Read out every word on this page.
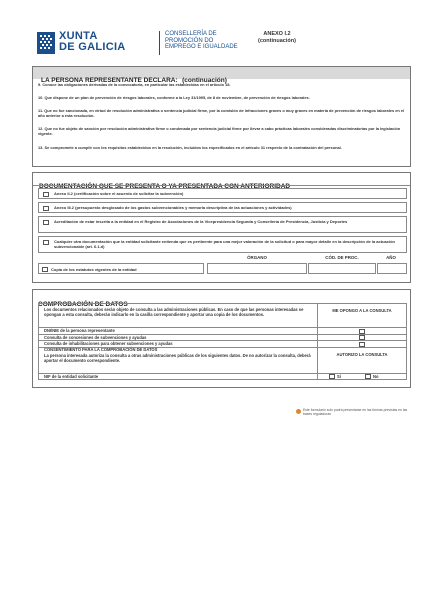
XUNTA
DE GALICIA
CONSELLERÍA DE
PROMOCIÓN DO
EMPREGO E IGUALDADE
ANEXO I.2
(continuación)
LA PERSONA REPRESENTANTE DECLARA: (continuación)
9. Conoce las obligaciones derivadas de la convocatoria, en particular las establecidas en el artículo 18.
10. Que dispone de un plan de prevención de riesgos laborales, conforme a la Ley 31/1995, de 8 de noviembre, de prevención de riesgos laborales.
11. Que no fue sancionada, en virtud de resolución administrativa o sentencia judicial firme, por la comisión de infracciones graves o muy graves en materia de prevención de riesgos laborales en el año anterior a esta resolución.
12. Que no fue objeto de sanción por resolución administrativa firme o condenada por sentencia judicial firme por llevar a cabo prácticas laborales consideradas discriminatorias por la legislación vigente.
13. Se compromete a cumplir con los requisitos establecidos en la resolución, incluidos los especificados en el artículo 31 respecto de la contratación del personal.
DOCUMENTACIÓN QUE SE PRESENTA O YA PRESENTADA CON ANTERIORIDAD
Anexo II.2 (certificación sobre el acuerdo de solicitar la subvención)
Anexo III.2 (presupuesto desglosado de los gastos subvencionables y memoria descriptiva de las actuaciones y actividades)
Acreditación de estar inscrita a la entidad en el Registro de Asociaciones de la Vicepresidencia Segunda y Consellería de Presidencia, Justicia y Deportes
Cualquier otra documentación que la entidad solicitante entienda que es pertinente para una mejor valoración de la solicitud o para mayor detalle en la descripción de la actuación subvencionable (art. 6.1.d)
ÓRGANO	CÓD. DE PROC.	AÑO
Copia de los estatutos vigentes de la entidad
COMPROBACIÓN DE DATOS
Los documentos relacionados serán objeto de consulta a las administraciones públicas. En caso de que las personas interesadas se opongan a esta consulta, deberán indicarlo en la casilla correspondiente y aportar una copia de los documentos.
ME OPONGO A LA CONSULTA
DNI/NIE de la persona representante
Consulta de concesiones de subvenciones y ayudas
Consulta de inhabilitaciones para obtener subvenciones y ayudas
CONSENTIMIENTO PARA LA COMPROBACIÓN DE DATOS
La persona interesada autoriza la consulta a otras administraciones públicas de los siguientes datos. De no autorizar la consulta, deberá aportar el documento correspondiente.
AUTORIZO LA CONSULTA
NIF de la entidad solicitante	Sí	No
Este formulario solo podrá presentarse en las formas previstas en las bases reguladoras
